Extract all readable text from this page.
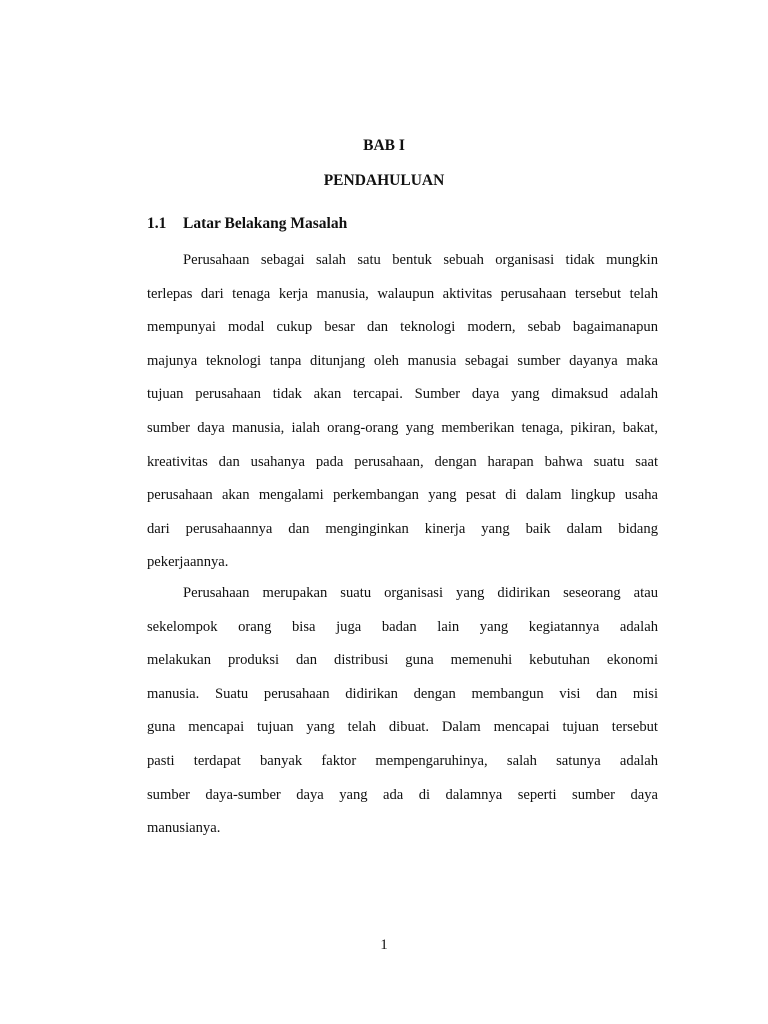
BAB I
PENDAHULUAN
1.1 Latar Belakang Masalah
Perusahaan sebagai salah satu bentuk sebuah organisasi tidak mungkin
terlepas dari tenaga kerja manusia, walaupun aktivitas perusahaan tersebut telah
mempunyai modal cukup besar dan teknologi modern, sebab bagaimanapun
majunya teknologi tanpa ditunjang oleh manusia sebagai sumber dayanya maka
tujuan perusahaan tidak akan tercapai. Sumber daya yang dimaksud adalah
sumber daya manusia, ialah orang-orang yang memberikan tenaga, pikiran, bakat,
kreativitas dan usahanya pada perusahaan, dengan harapan bahwa suatu saat
perusahaan akan mengalami perkembangan yang pesat di dalam lingkup usaha
dari perusahaannya dan menginginkan kinerja yang baik dalam bidang
pekerjaannya.
Perusahaan merupakan suatu organisasi yang didirikan seseorang atau
sekelompok orang bisa juga badan lain yang kegiatannya adalah
melakukan produksi dan distribusi guna memenuhi kebutuhan ekonomi
manusia. Suatu perusahaan didirikan dengan membangun visi dan misi
guna mencapai tujuan yang telah dibuat. Dalam mencapai tujuan tersebut
pasti terdapat banyak faktor mempengaruhinya, salah satunya adalah
sumber daya-sumber daya yang ada di dalamnya seperti sumber daya
manusianya.
1
